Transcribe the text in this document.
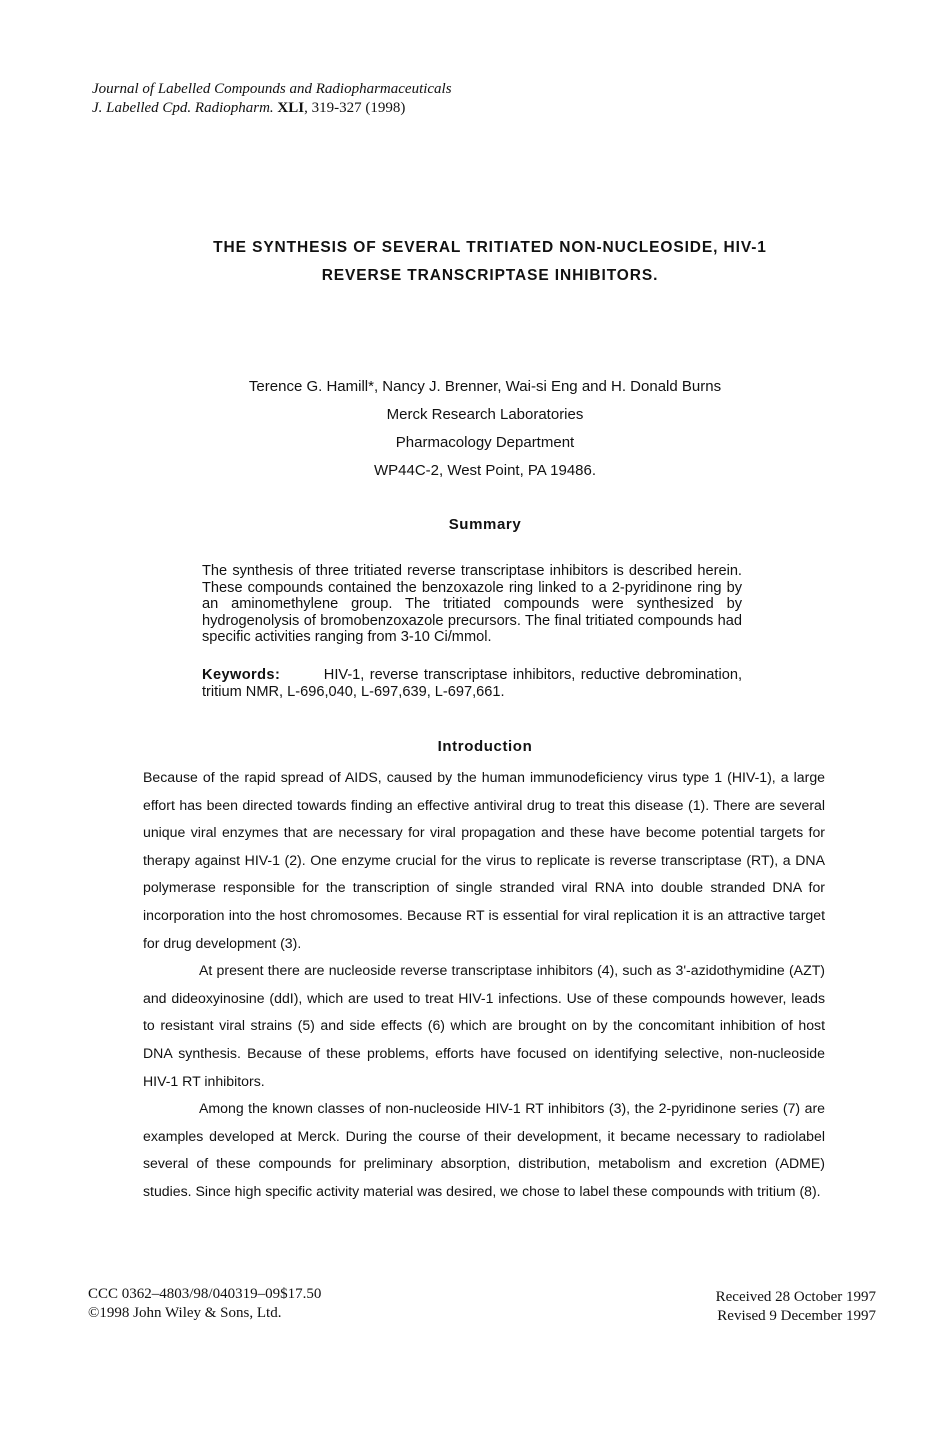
Journal of Labelled Compounds and Radiopharmaceuticals
J. Labelled Cpd. Radiopharm. XLI, 319-327 (1998)
THE SYNTHESIS OF SEVERAL TRITIATED NON-NUCLEOSIDE, HIV-1
REVERSE TRANSCRIPTASE INHIBITORS.
Terence G. Hamill*, Nancy J. Brenner, Wai-si Eng and H. Donald Burns
Merck Research Laboratories
Pharmacology Department
WP44C-2, West Point, PA 19486.
Summary
The synthesis of three tritiated reverse transcriptase inhibitors is described herein. These compounds contained the benzoxazole ring linked to a 2-pyridinone ring by an aminomethylene group. The tritiated compounds were synthesized by hydrogenolysis of bromobenzoxazole precursors. The final tritiated compounds had specific activities ranging from 3-10 Ci/mmol.
Keywords:	HIV-1, reverse transcriptase inhibitors, reductive debromination, tritium NMR, L-696,040, L-697,639, L-697,661.
Introduction

Because of the rapid spread of AIDS, caused by the human immunodeficiency virus type 1 (HIV-1), a large effort has been directed towards finding an effective antiviral drug to treat this disease (1). There are several unique viral enzymes that are necessary for viral propagation and these have become potential targets for therapy against HIV-1 (2). One enzyme crucial for the virus to replicate is reverse transcriptase (RT), a DNA polymerase responsible for the transcription of single stranded viral RNA into double stranded DNA for incorporation into the host chromosomes. Because RT is essential for viral replication it is an attractive target for drug development (3).

At present there are nucleoside reverse transcriptase inhibitors (4), such as 3'-azidothymidine (AZT) and dideoxyinosine (ddI), which are used to treat HIV-1 infections. Use of these compounds however, leads to resistant viral strains (5) and side effects (6) which are brought on by the concomitant inhibition of host DNA synthesis. Because of these problems, efforts have focused on identifying selective, non-nucleoside HIV-1 RT inhibitors.

Among the known classes of non-nucleoside HIV-1 RT inhibitors (3), the 2-pyridinone series (7) are examples developed at Merck. During the course of their development, it became necessary to radiolabel several of these compounds for preliminary absorption, distribution, metabolism and excretion (ADME) studies. Since high specific activity material was desired, we chose to label these compounds with tritium (8).

CCC 0362–4803/98/040319–09$17.50
©1998 John Wiley & Sons, Ltd.
Received 28 October 1997
Revised 9 December 1997
